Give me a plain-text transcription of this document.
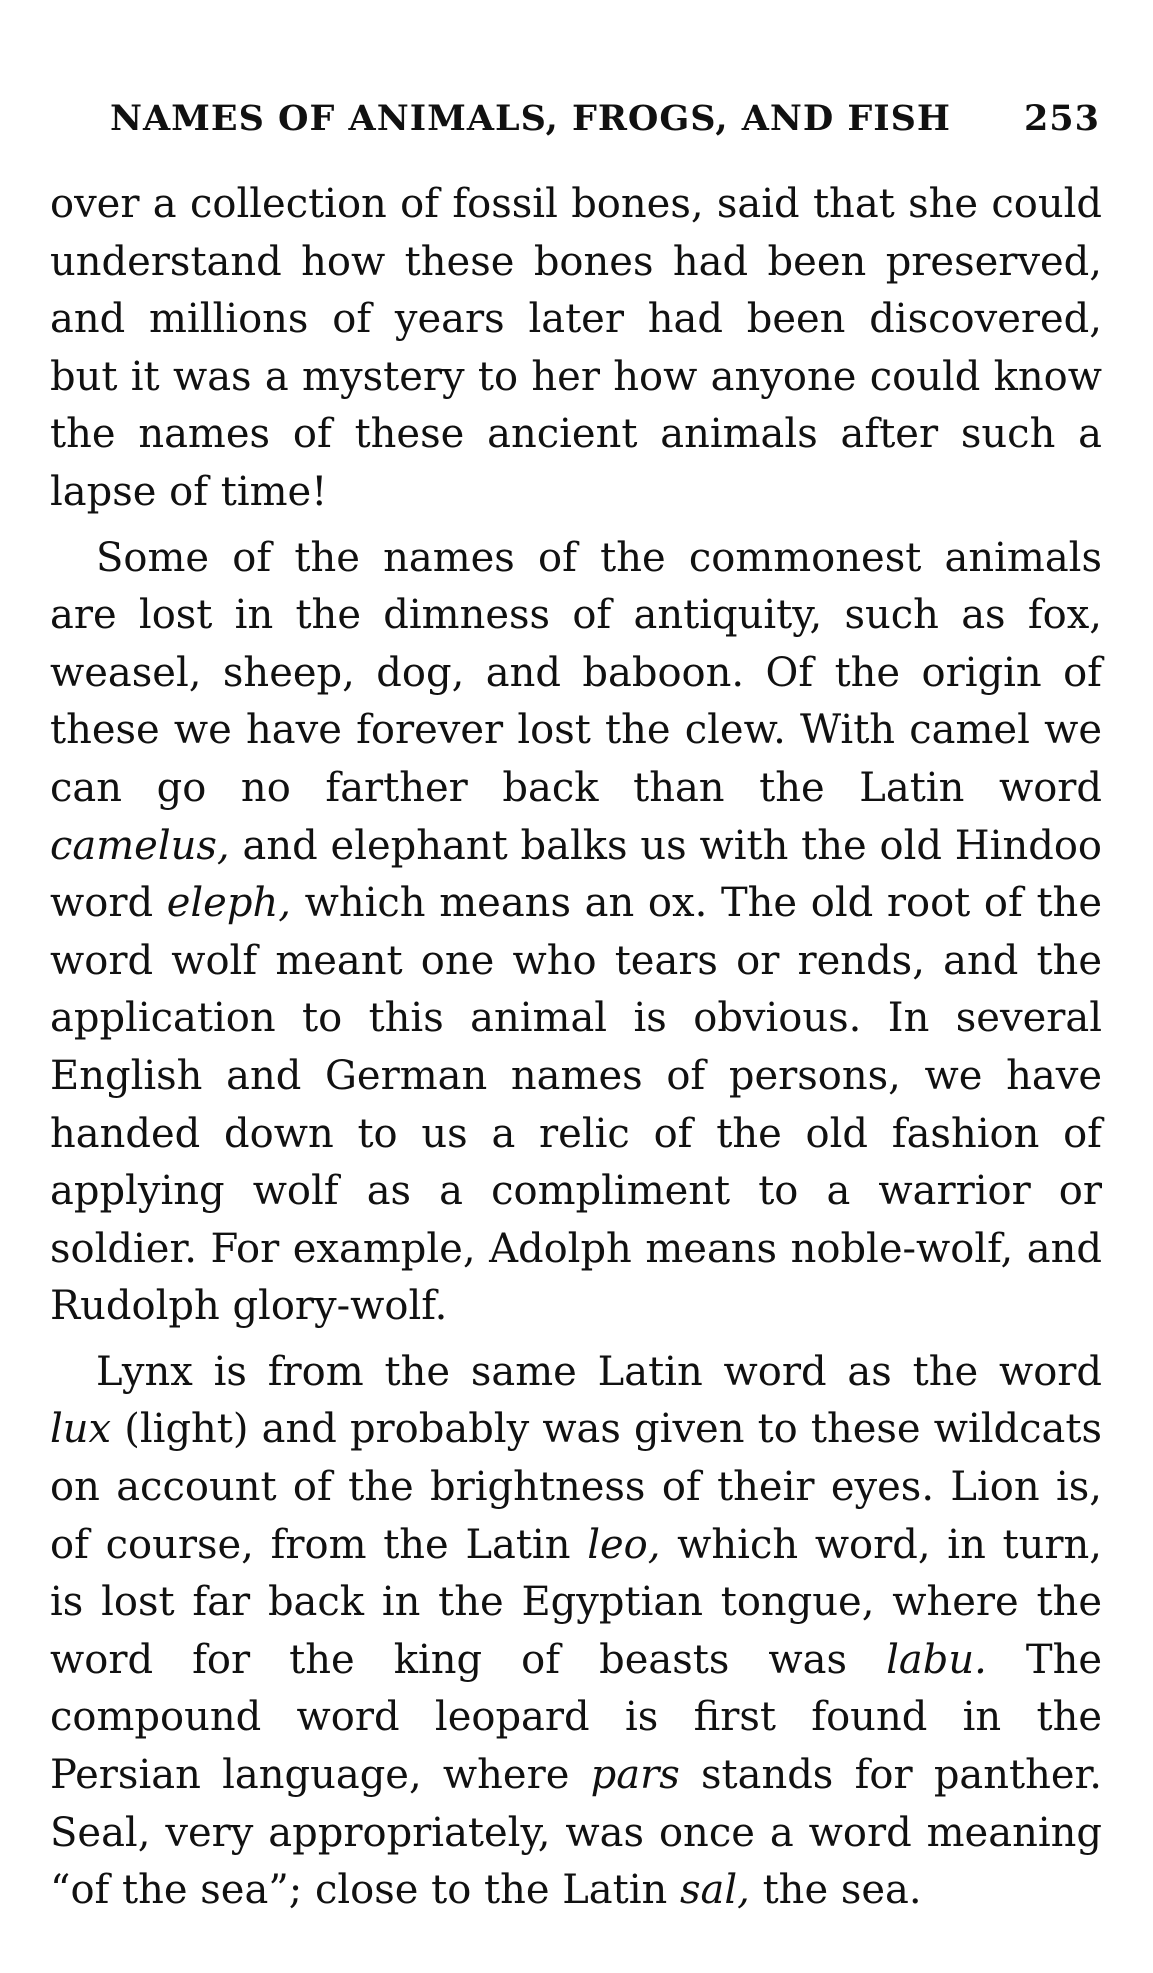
NAMES OF ANIMALS, FROGS, AND FISH 253

over a collection of fossil bones, said that she could understand how these bones had been preserved, and millions of years later had been discovered, but it was a mystery to her how anyone could know the names of these ancient animals after such a lapse of time!

Some of the names of the commonest animals are lost in the dimness of antiquity, such as fox, weasel, sheep, dog, and baboon. Of the origin of these we have forever lost the clew. With camel we can go no farther back than the Latin word camelus, and elephant balks us with the old Hindoo word eleph, which means an ox. The old root of the word wolf meant one who tears or rends, and the application to this animal is obvious. In several English and German names of persons, we have handed down to us a relic of the old fashion of applying wolf as a compliment to a warrior or soldier. For example, Adolph means noble-wolf, and Rudolph glory-wolf.

Lynx is from the same Latin word as the word lux (light) and probably was given to these wildcats on account of the brightness of their eyes. Lion is, of course, from the Latin leo, which word, in turn, is lost far back in the Egyptian tongue, where the word for the king of beasts was labu. The compound word leopard is first found in the Persian language, where pars stands for panther. Seal, very appropriately, was once a word meaning “of the sea”; close to the Latin sal, the sea.
